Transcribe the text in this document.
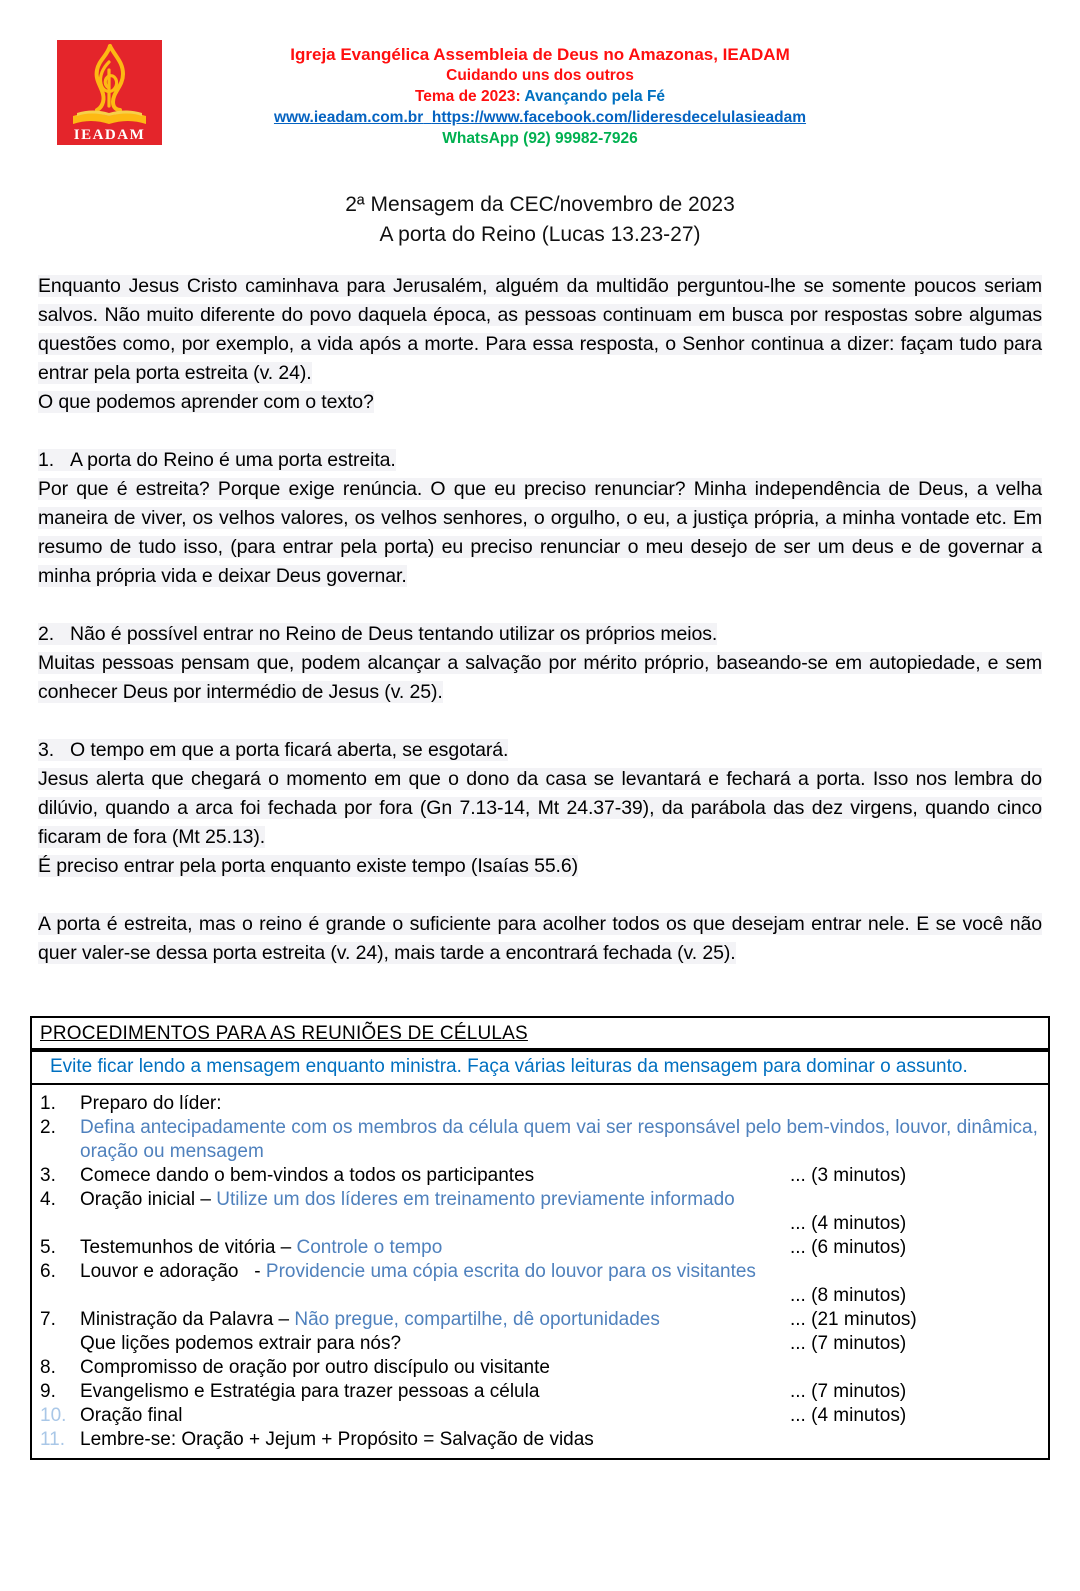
IEADAM
Igreja Evangélica Assembleia de Deus no Amazonas, IEADAM
Cuidando uns dos outros
Tema de 2023: Avançando pela Fé
www.ieadam.com.br https://www.facebook.com/lideresdecelulasieadam
WhatsApp (92) 99982-7926
2ª Mensagem da CEC/novembro de 2023
A porta do Reino (Lucas 13.23-27)
Enquanto Jesus Cristo caminhava para Jerusalém, alguém da multidão perguntou-lhe se somente poucos seriam salvos. Não muito diferente do povo daquela época, as pessoas continuam em busca por respostas sobre algumas questões como, por exemplo, a vida após a morte. Para essa resposta, o Senhor continua a dizer: façam tudo para entrar pela porta estreita (v. 24).
O que podemos aprender com o texto?
1.   A porta do Reino é uma porta estreita.
Por que é estreita? Porque exige renúncia. O que eu preciso renunciar? Minha independência de Deus, a velha maneira de viver, os velhos valores, os velhos senhores, o orgulho, o eu, a justiça própria, a minha vontade etc. Em resumo de tudo isso, (para entrar pela porta) eu preciso renunciar o meu desejo de ser um deus e de governar a minha própria vida e deixar Deus governar.
2.   Não é possível entrar no Reino de Deus tentando utilizar os próprios meios.
Muitas pessoas pensam que, podem alcançar a salvação por mérito próprio, baseando-se em autopiedade, e sem conhecer Deus por intermédio de Jesus (v. 25).
3.   O tempo em que a porta ficará aberta, se esgotará.
Jesus alerta que chegará o momento em que o dono da casa se levantará e fechará a porta. Isso nos lembra do dilúvio, quando a arca foi fechada por fora (Gn 7.13-14, Mt 24.37-39), da parábola das dez virgens, quando cinco ficaram de fora (Mt 25.13).
É preciso entrar pela porta enquanto existe tempo (Isaías 55.6)
A porta é estreita, mas o reino é grande o suficiente para acolher todos os que desejam entrar nele. E se você não quer valer-se dessa porta estreita (v. 24), mais tarde a encontrará fechada (v. 25).
PROCEDIMENTOS PARA AS REUNIÕES DE CÉLULAS
Evite ficar lendo a mensagem enquanto ministra. Faça várias leituras da mensagem para dominar o assunto.
1.	Preparo do líder:
2.	Defina antecipadamente com os membros da célula quem vai ser responsável pelo bem-vindos, louvor, dinâmica, oração ou mensagem
3.	Comece dando o bem-vindos a todos os participantes	... (3 minutos)
4.	Oração inicial – Utilize um dos líderes em treinamento previamente informado
... (4 minutos)
5.	Testemunhos de vitória – Controle o tempo	... (6 minutos)
6.	Louvor e adoração   - Providencie uma cópia escrita do louvor para os visitantes
... (8 minutos)
7.	Ministração da Palavra – Não pregue, compartilhe, dê oportunidades	... (21 minutos)
Que lições podemos extrair para nós?	... (7 minutos)
8.	Compromisso de oração por outro discípulo ou visitante
9.	Evangelismo e Estratégia para trazer pessoas a célula	... (7 minutos)
10. Oração final	... (4 minutos)
11. Lembre-se: Oração + Jejum + Propósito = Salvação de vidas
